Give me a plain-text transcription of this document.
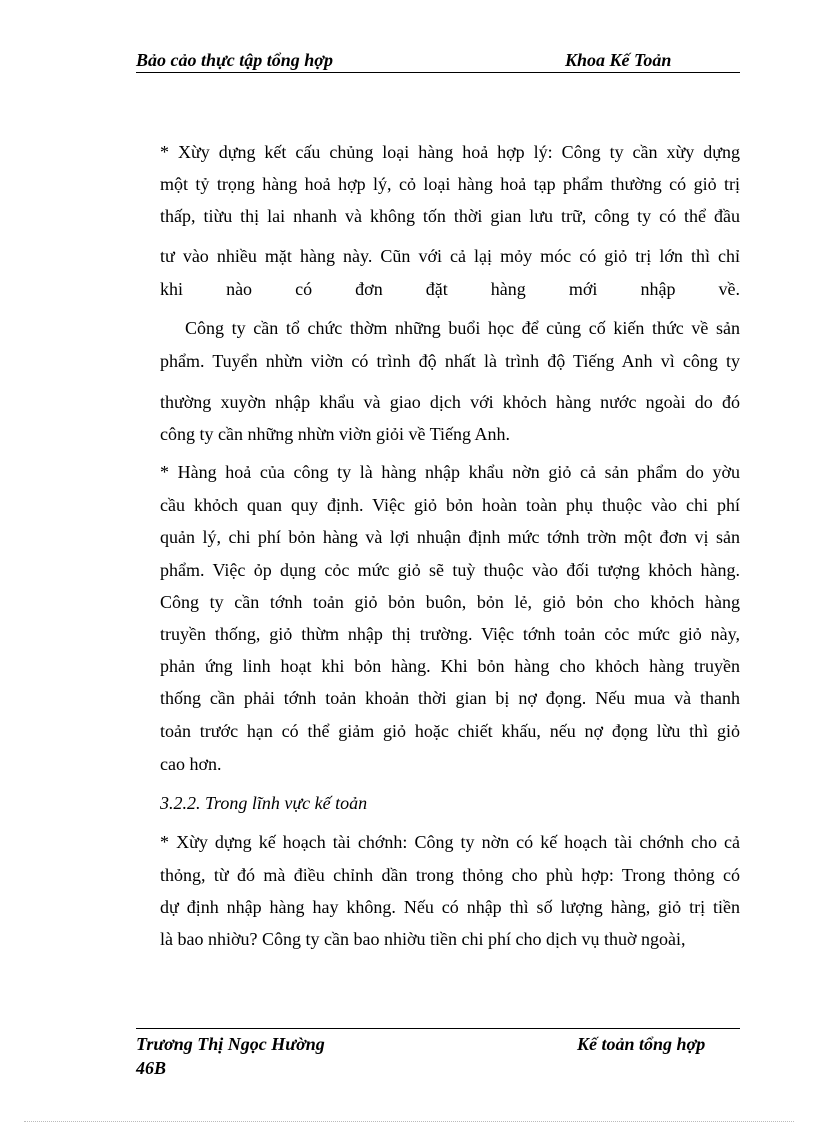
Bảo cảo thực tập tổng hợp	Khoa Kế Toản
* Xừy dựng kết cấu chủng loại hàng hoả hợp lý: Công ty cần xừy dựng
một tỷ trọng hàng hoả hợp lý, cỏ loại hàng hoả tạp phẩm thường có giỏ trị
thấp, tiừu thị lai nhanh và không tốn thời gian lưu trữ, công ty có thể đầu
tư vào nhiều mặt hàng này. Cũn với cả lạị mỏy móc có giỏ trị lớn thì chỉ
khi nào có đơn đặt hàng mới nhập về.
Công ty cần tổ chức thờm những buổi học để củng cố kiến thức về sản
phẩm. Tuyển nhừn viờn có trình độ nhất là trình độ Tiếng Anh vì công ty
thường xuyờn nhập khẩu và giao dịch với khỏch hàng nước ngoài do đó
công ty cần những nhừn viờn giỏi về Tiếng Anh.
* Hàng hoả của công ty là hàng nhập khẩu nờn giỏ cả sản phẩm do yờu
cầu khỏch quan quy định. Việc giỏ bỏn hoàn toàn phụ thuộc vào chi phí
quản lý, chi phí bỏn hàng và lợi nhuận định mức tớnh trờn một đơn vị sản
phẩm. Việc ỏp dụng cỏc mức giỏ sẽ tuỳ thuộc vào đối tượng khỏch hàng.
Công ty cần tớnh toản giỏ bỏn buôn, bỏn lẻ, giỏ bỏn cho khỏch hàng
truyền thống, giỏ thừm nhập thị trường. Việc tớnh toản cỏc mức giỏ này,
phản ứng linh hoạt khi bỏn hàng. Khi bỏn hàng cho khỏch hàng truyền
thống cần phải tớnh toản khoản thời gian bị nợ đọng. Nếu mua và thanh
toản trước hạn có thể giảm giỏ hoặc chiết khấu, nếu nợ đọng lừu thì giỏ
cao hơn.
3.2.2. Trong lĩnh vực kế toản
* Xừy dựng kế hoạch tài chớnh: Công ty nờn có kế hoạch tài chớnh cho cả
thỏng, từ đó mà điều chỉnh dần trong thỏng cho phù hợp: Trong thỏng có
dự định nhập hàng hay không. Nếu có nhập thì số lượng hàng, giỏ trị tiền
là bao nhiờu? Công ty cần bao nhiờu tiền chi phí cho dịch vụ thuờ ngoài,
Trương Thị Ngọc Hường
46B
Kế toản tổng hợp
